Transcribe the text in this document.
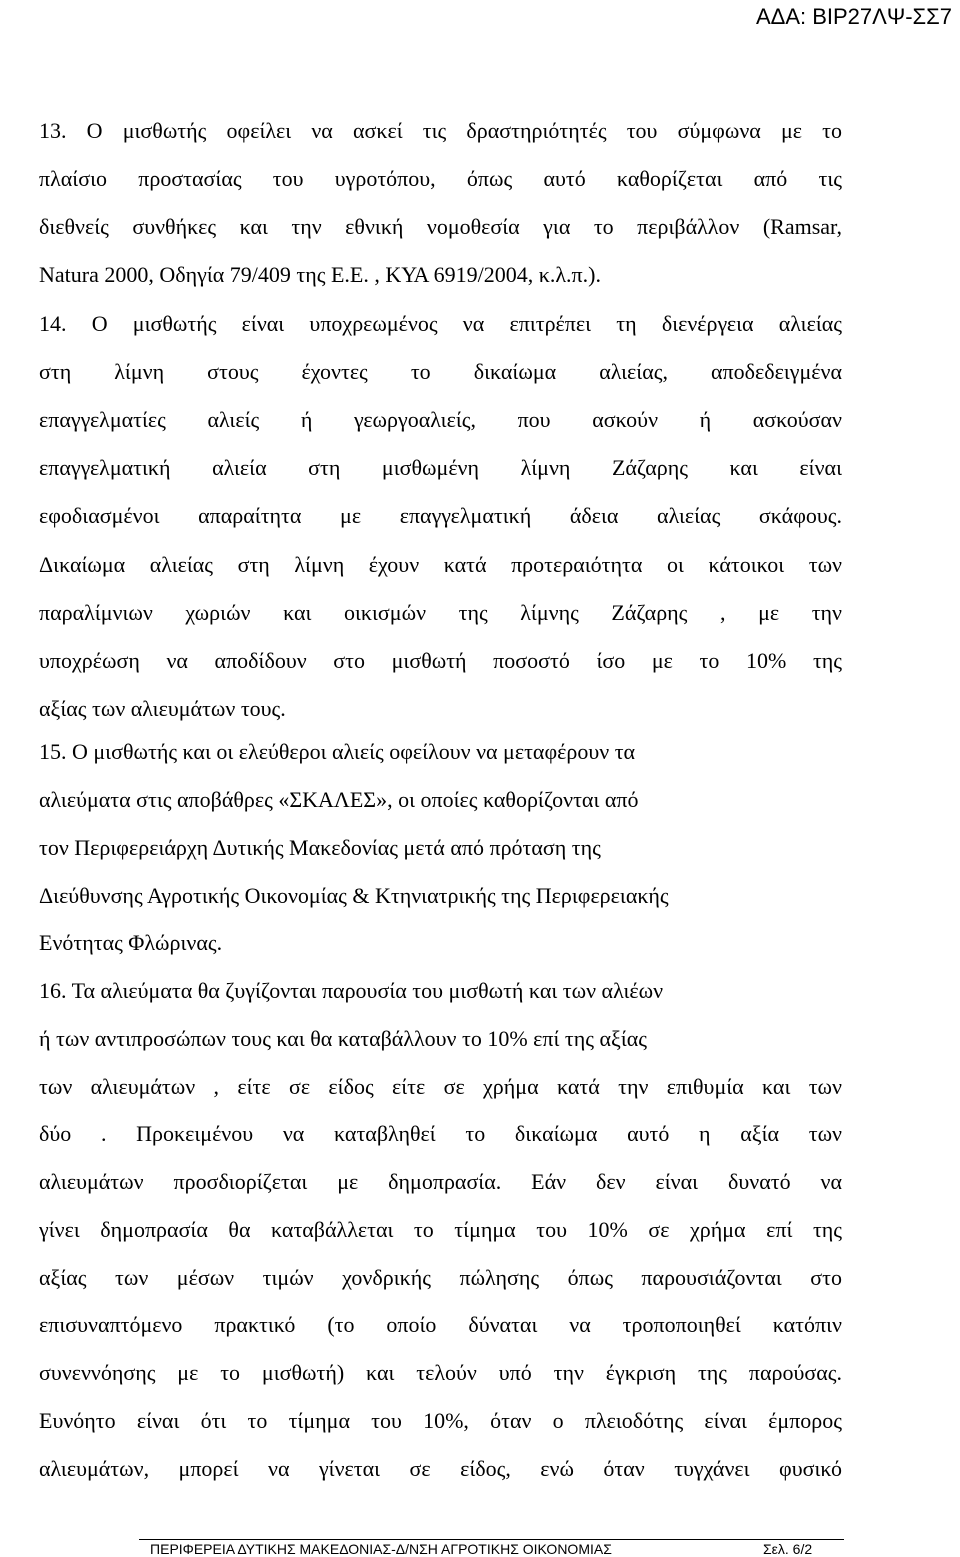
ΑΔΑ: ΒΙΡ27ΛΨ-ΣΣ7
13. Ο μισθωτής οφείλει να ασκεί τις δραστηριότητές του σύμφωνα με το
πλαίσιο προστασίας του υγροτόπου, όπως αυτό καθορίζεται από τις
διεθνείς συνθήκες και την εθνική νομοθεσία για το περιβάλλον (Ramsar,
Natura 2000, Οδηγία 79/409 της Ε.Ε. , ΚΥΑ 6919/2004, κ.λ.π.).
14. Ο μισθωτής είναι υποχρεωμένος να επιτρέπει τη διενέργεια αλιείας
στη λίμνη στους έχοντες το δικαίωμα αλιείας, αποδεδειγμένα
επαγγελματίες αλιείς ή γεωργοαλιείς, που ασκούν ή ασκούσαν
επαγγελματική αλιεία στη μισθωμένη λίμνη Ζάζαρης και είναι
εφοδιασμένοι απαραίτητα με επαγγελματική άδεια αλιείας σκάφους.
Δικαίωμα αλιείας στη λίμνη έχουν κατά προτεραιότητα οι κάτοικοι των
παραλίμνιων χωριών και οικισμών της λίμνης Ζάζαρης , με την
υποχρέωση να αποδίδουν στο μισθωτή ποσοστό ίσο με το 10% της
αξίας των αλιευμάτων τους.
15. Ο μισθωτής και οι ελεύθεροι αλιείς οφείλουν να μεταφέρουν τα
αλιεύματα στις αποβάθρες «ΣΚΑΛΕΣ», οι οποίες καθορίζονται από
τον Περιφερειάρχη Δυτικής Μακεδονίας μετά από πρόταση της
Διεύθυνσης Αγροτικής Οικονομίας & Κτηνιατρικής της Περιφερειακής
Ενότητας Φλώρινας.
16. Τα αλιεύματα θα ζυγίζονται παρουσία του μισθωτή και των αλιέων
ή των αντιπροσώπων τους και θα καταβάλλουν το 10% επί της αξίας
των αλιευμάτων , είτε σε είδος είτε σε χρήμα κατά την επιθυμία και των
δύο . Προκειμένου να καταβληθεί το δικαίωμα αυτό η αξία των
αλιευμάτων προσδιορίζεται με δημοπρασία. Εάν δεν είναι δυνατό να
γίνει δημοπρασία θα καταβάλλεται το τίμημα του 10% σε χρήμα επί της
αξίας των μέσων τιμών χονδρικής πώλησης όπως παρουσιάζονται στο
επισυναπτόμενο πρακτικό (το οποίο δύναται να τροποποιηθεί κατόπιν
συνεννόησης με το μισθωτή) και τελούν υπό την έγκριση της παρούσας.
Ευνόητο είναι ότι το τίμημα του 10%, όταν ο πλειοδότης είναι έμπορος
αλιευμάτων, μπορεί να γίνεται σε είδος, ενώ όταν τυγχάνει φυσικό
ΠΕΡΙΦΕΡΕΙΑ ΔΥΤΙΚΗΣ ΜΑΚΕΔΟΝΙΑΣ-Δ/ΝΣΗ ΑΓΡΟΤΙΚΗΣ ΟΙΚΟΝΟΜΙΑΣ	Σελ. 6/2
